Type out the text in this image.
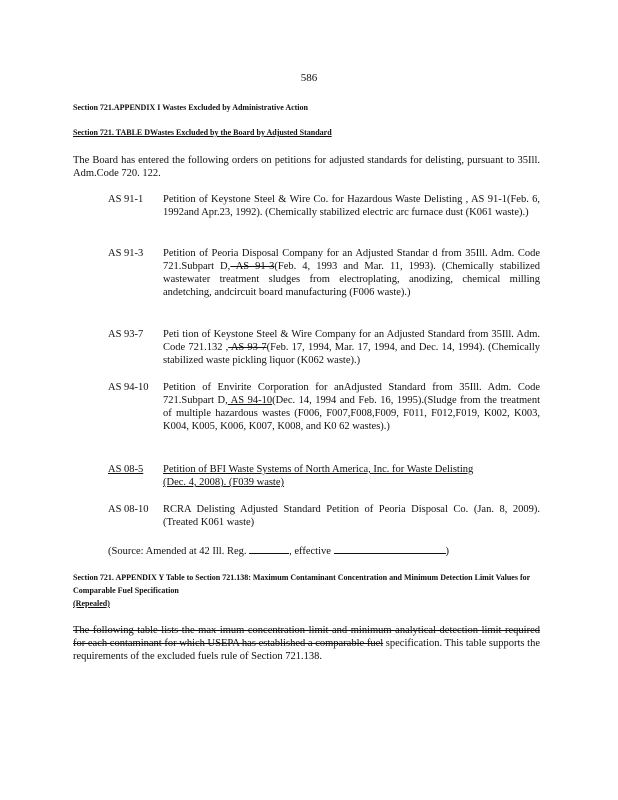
586
Section 721.APPENDIX I Wastes Excluded by Administrative Action
Section 721. TABLE DWastes Excluded by the Board by Adjusted Standard
The Board has entered the following orders on petitions for adjusted standards for delisting, pursuant to 35Ill. Adm.Code 720. 122.
AS 91-1	Petition of Keystone Steel & Wire Co. for Hazardous Waste Delisting , AS 91-1(Feb. 6, 1992and Apr.23, 1992). (Chemically stabilized electric arc furnace dust (K061 waste).)
AS 91-3	Petition of Peoria Disposal Company for an Adjusted Standar d from 35Ill. Adm. Code 721.Subpart D, AS 91-3(Feb. 4, 1993 and Mar. 11, 1993). (Chemically stabilized wastewater treatment sludges from electroplating, anodizing, chemical milling andetching, andcircuit board manufacturing (F006 waste).)
AS 93-7	Peti tion of Keystone Steel & Wire Company for an Adjusted Standard from 35Ill. Adm. Code 721.132 , AS 93-7(Feb. 17, 1994, Mar. 17, 1994, and Dec. 14, 1994). (Chemically stabilized waste pickling liquor (K062 waste).)
AS 94-10	Petition of Envirite Corporation for anAdjusted Standard from 35Ill. Adm. Code 721.Subpart D, AS 94-10(Dec. 14, 1994 and Feb. 16, 1995).(Sludge from the treatment of multiple hazardous wastes (F006, F007,F008,F009, F011, F012,F019, K002, K003, K004, K005, K006, K007, K008, and K0 62 wastes).)
AS 08-5	Petition of BFI Waste Systems of North America, Inc. for Waste Delisting
(Dec. 4, 2008). (F039 waste)
AS 08-10	RCRA Delisting Adjusted Standard Petition of Peoria Disposal Co. (Jan. 8, 2009). (Treated K061 waste)
(Source: Amended at 42 Ill. Reg.	, effective	)
Section 721. APPENDIX Y Table to Section 721.138: Maximum Contaminant Concentration and Minimum Detection Limit Values for Comparable Fuel Specification
(Repealed)
The following table lists the max imum concentration limit and minimum analytical detection limit required for each contaminant for which USEPA has established a comparable fuel specification. This table supports the requirements of the excluded fuels rule of Section 721.138.
